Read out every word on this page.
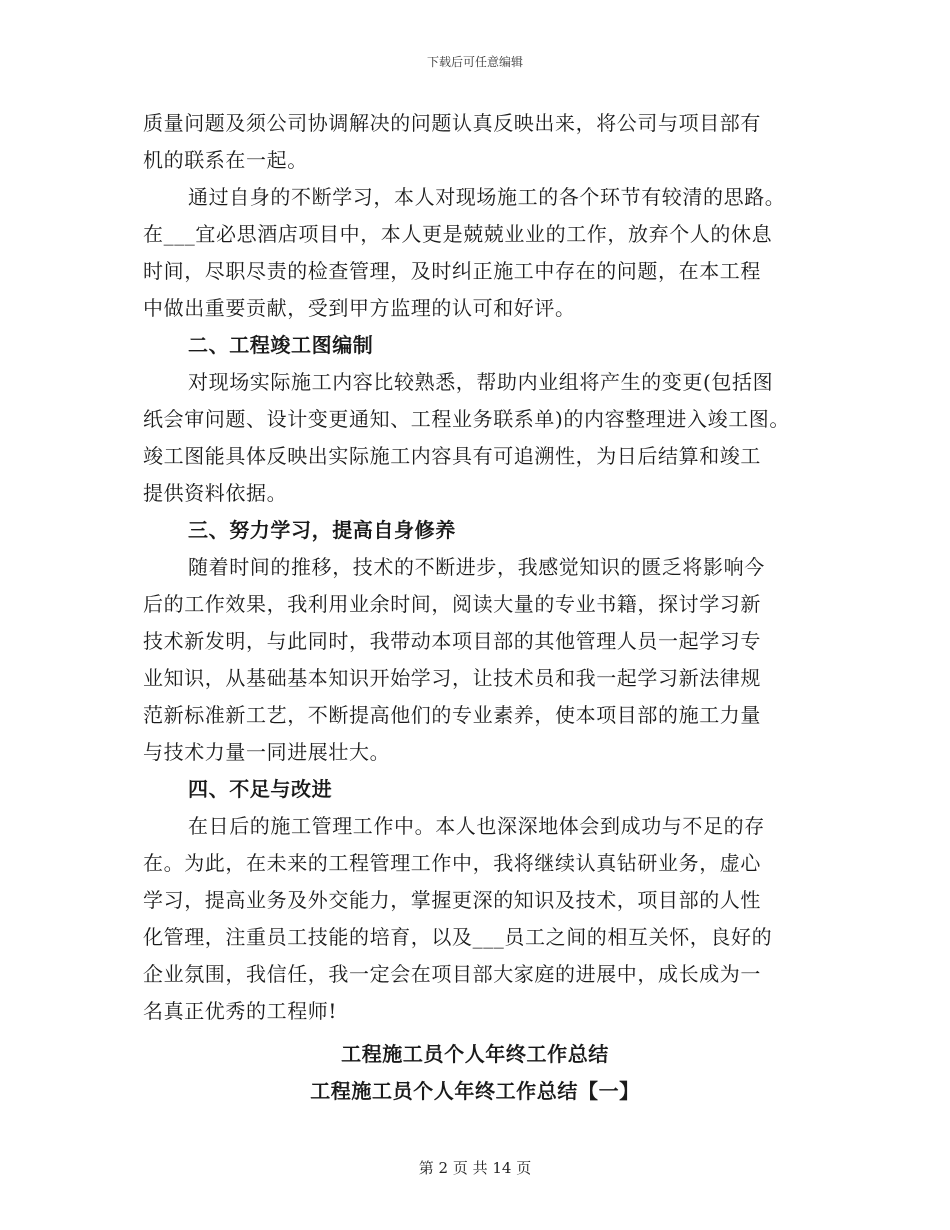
下载后可任意编辑
质量问题及须公司协调解决的问题认真反映出来，将公司与项目部有
机的联系在一起。
通过自身的不断学习，本人对现场施工的各个环节有较清的思路。
在___宜必思酒店项目中，本人更是兢兢业业的工作，放弃个人的休息
时间，尽职尽责的检查管理，及时纠正施工中存在的问题，在本工程
中做出重要贡献，受到甲方监理的认可和好评。
二、工程竣工图编制
对现场实际施工内容比较熟悉，帮助内业组将产生的变更(包括图
纸会审问题、设计变更通知、工程业务联系单)的内容整理进入竣工图。
竣工图能具体反映出实际施工内容具有可追溯性，为日后结算和竣工
提供资料依据。
三、努力学习，提高自身修养
随着时间的推移，技术的不断进步，我感觉知识的匮乏将影响今
后的工作效果，我利用业余时间，阅读大量的专业书籍，探讨学习新
技术新发明，与此同时，我带动本项目部的其他管理人员一起学习专
业知识，从基础基本知识开始学习，让技术员和我一起学习新法律规
范新标准新工艺，不断提高他们的专业素养，使本项目部的施工力量
与技术力量一同进展壮大。
四、不足与改进
在日后的施工管理工作中。本人也深深地体会到成功与不足的存
在。为此，在未来的工程管理工作中，我将继续认真钻研业务，虚心
学习，提高业务及外交能力，掌握更深的知识及技术，项目部的人性
化管理，注重员工技能的培育，以及___员工之间的相互关怀，良好的
企业氛围，我信任，我一定会在项目部大家庭的进展中，成长成为一
名真正优秀的工程师!
工程施工员个人年终工作总结
工程施工员个人年终工作总结【一】
第 2 页 共 14 页
